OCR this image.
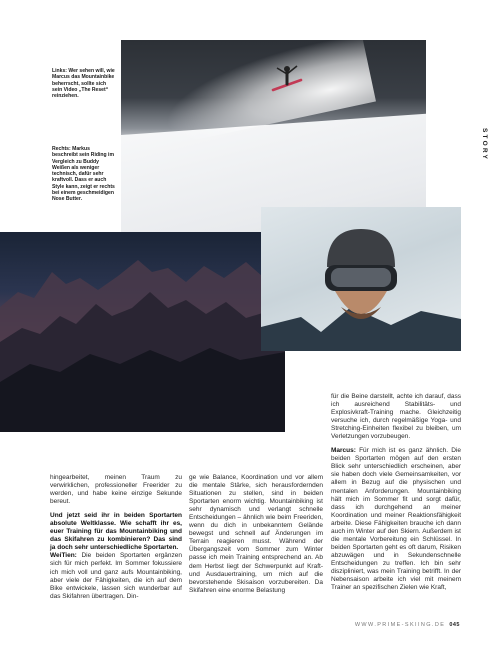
Links: Wer sehen will, wie Marcus das Mountainbike beherrscht, sollte sich sein Video „The Reset“ reinziehen.
Rechts: Markus beschreibt sein Riding im Vergleich zu Buddy Weißen als weniger technisch, dafür sehr kraftvoll. Dass er auch Style kann, zeigt er rechts bei einem geschmeidigen Nose Butter.
STORY

hingearbeitet, meinen Traum zu verwirklichen, professioneller Freerider zu werden, und habe keine einzige Sekunde bereut.

Und jetzt seid ihr in beiden Sportarten absolute Weltklasse. Wie schafft ihr es, euer Training für das Mountainbiking und das Skifahren zu kombinieren? Das sind ja doch sehr unterschiedliche Sportarten.

WeiTien: Die beiden Sportarten ergänzen sich für mich perfekt. Im Sommer fokussiere ich mich voll und ganz aufs Mountainbiking, aber viele der Fähigkeiten, die ich auf dem Bike entwickele, lassen sich wunderbar auf das Skifahren übertragen. Din-

ge wie Balance, Koordination und vor allem die mentale Stärke, sich herausfordernden Situationen zu stellen, sind in beiden Sportarten enorm wichtig. Mountainbiking ist sehr dynamisch und verlangt schnelle Entscheidungen – ähnlich wie beim Freeriden, wenn du dich in unbekanntem Gelände bewegst und schnell auf Änderungen im Terrain reagieren musst. Während der Übergangszeit vom Sommer zum Winter passe ich mein Training entsprechend an. Ab dem Herbst liegt der Schwerpunkt auf Kraft- und Ausdauertraining, um mich auf die bevorstehende Skisaison vorzubereiten. Da Skifahren eine enorme Belastung

für die Beine darstellt, achte ich darauf, dass ich ausreichend Stabilitäts- und Explosivkraft-Training mache. Gleichzeitig versuche ich, durch regelmäßige Yoga- und Stretching-Einheiten flexibel zu bleiben, um Verletzungen vorzubeugen.

Marcus: Für mich ist es ganz ähnlich. Die beiden Sportarten mögen auf den ersten Blick sehr unterschiedlich erscheinen, aber sie haben doch viele Gemeinsamkeiten, vor allem in Bezug auf die physischen und mentalen Anforderungen. Mountainbiking hält mich im Sommer fit und sorgt dafür, dass ich durchgehend an meiner Koordination und meiner Reaktionsfähigkeit arbeite. Diese Fähigkeiten brauche ich dann auch im Winter auf den Skiern. Außerdem ist die mentale Vorbereitung ein Schlüssel. In beiden Sportarten geht es oft darum, Risiken abzuwägen und in Sekundenschnelle Entscheidungen zu treffen. Ich bin sehr diszipliniert, was mein Training betrifft. In der Nebensaison arbeite ich viel mit meinem Trainer an spezifischen Zielen wie Kraft,

WWW.PRIME-SKIING.DE 045
